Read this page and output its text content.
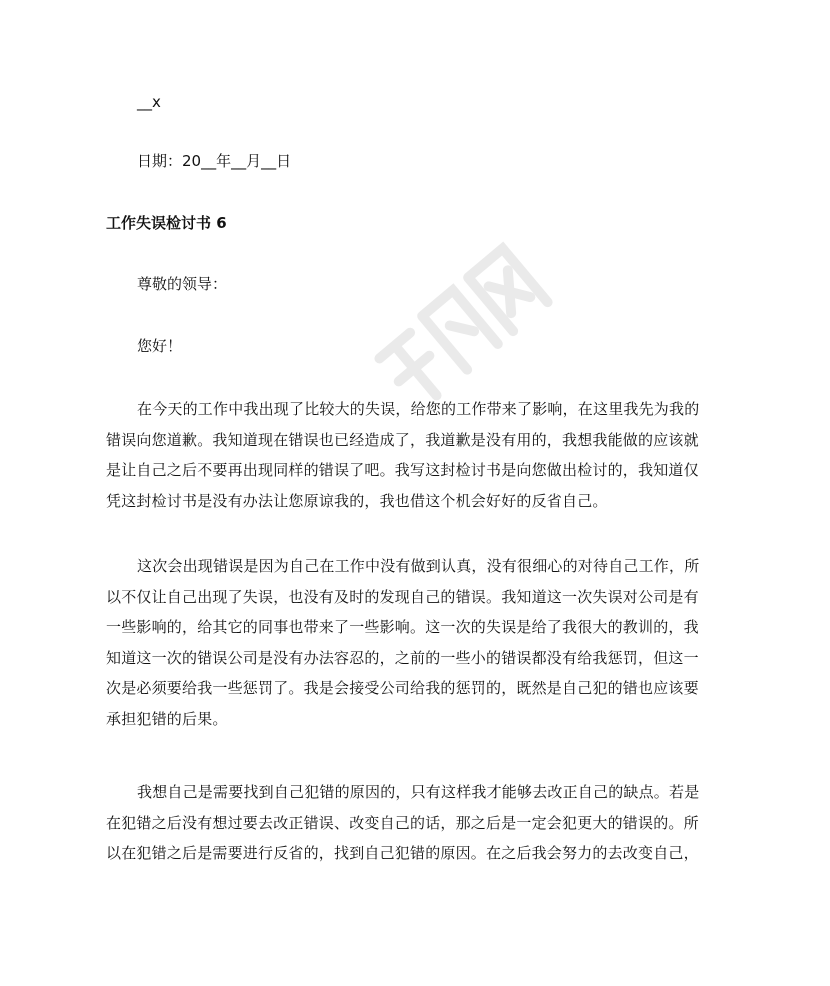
__x
日期：20__年__月__日
工作失误检讨书 6
尊敬的领导：
您好！
在今天的工作中我出现了比较大的失误，给您的工作带来了影响，在这里我先为我的
错误向您道歉。我知道现在错误也已经造成了，我道歉是没有用的，我想我能做的应该就
是让自己之后不要再出现同样的错误了吧。我写这封检讨书是向您做出检讨的，我知道仅
凭这封检讨书是没有办法让您原谅我的，我也借这个机会好好的反省自己。
这次会出现错误是因为自己在工作中没有做到认真，没有很细心的对待自己工作，所
以不仅让自己出现了失误，也没有及时的发现自己的错误。我知道这一次失误对公司是有
一些影响的，给其它的同事也带来了一些影响。这一次的失误是给了我很大的教训的，我
知道这一次的错误公司是没有办法容忍的，之前的一些小的错误都没有给我惩罚，但这一
次是必须要给我一些惩罚了。我是会接受公司给我的惩罚的，既然是自己犯的错也应该要
承担犯错的后果。
我想自己是需要找到自己犯错的原因的，只有这样我才能够去改正自己的缺点。若是
在犯错之后没有想过要去改正错误、改变自己的话，那之后是一定会犯更大的错误的。所
以在犯错之后是需要进行反省的，找到自己犯错的原因。在之后我会努力的去改变自己，
